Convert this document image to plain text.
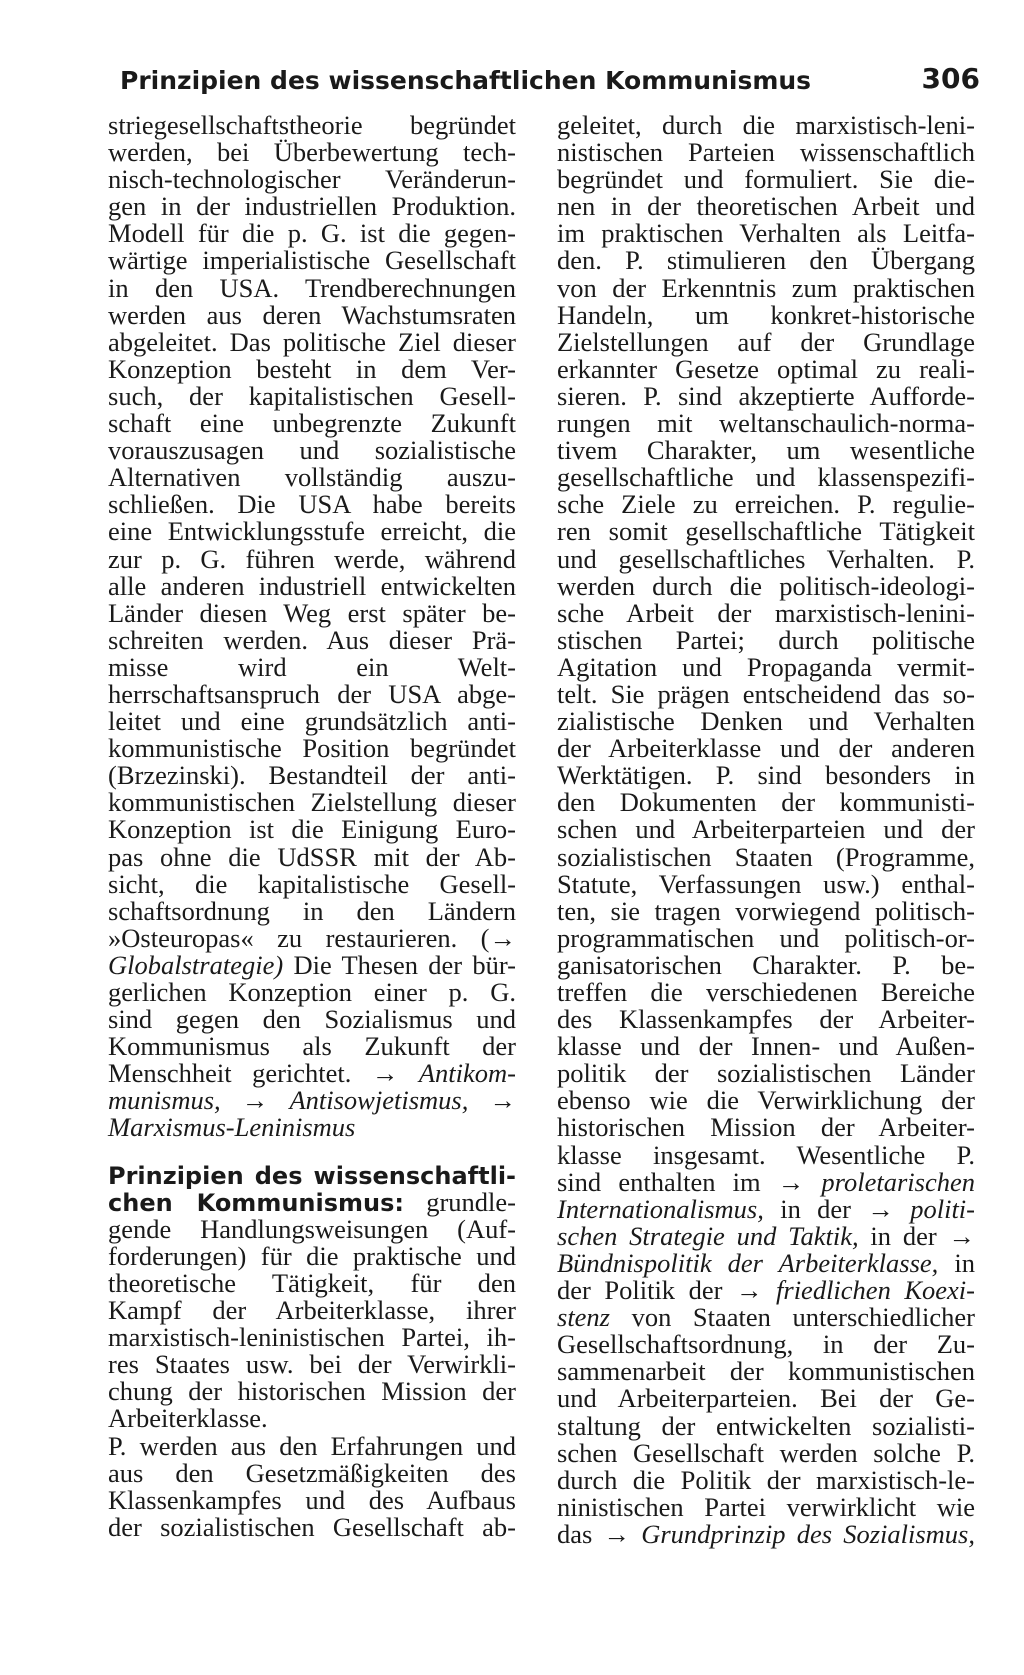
Prinzipien des wissenschaftlichen Kommunismus	306
striegesellschaftstheorie begründet
werden, bei Überbewertung tech-
nisch-technologischer Veränderun-
gen in der industriellen Produktion.
Modell für die p. G. ist die gegen-
wärtige imperialistische Gesellschaft
in den USA. Trendberechnungen
werden aus deren Wachstumsraten
abgeleitet. Das politische Ziel dieser
Konzeption besteht in dem Ver-
such, der kapitalistischen Gesell-
schaft eine unbegrenzte Zukunft
vorauszusagen und sozialistische
Alternativen vollständig auszu-
schließen. Die USA habe bereits
eine Entwicklungsstufe erreicht, die
zur p. G. führen werde, während
alle anderen industriell entwickelten
Länder diesen Weg erst später be-
schreiten werden. Aus dieser Prä-
misse wird ein Welt-
herrschaftsanspruch der USA abge-
leitet und eine grundsätzlich anti-
kommunistische Position begründet
(Brzezinski). Bestandteil der anti-
kommunistischen Zielstellung dieser
Konzeption ist die Einigung Euro-
pas ohne die UdSSR mit der Ab-
sicht, die kapitalistische Gesell-
schaftsordnung in den Ländern
»Osteuropas« zu restaurieren. (→
Globalstrategie) Die Thesen der bür-
gerlichen Konzeption einer p. G.
sind gegen den Sozialismus und
Kommunismus als Zukunft der
Menschheit gerichtet. → Antikom-
munismus, → Antisowjetismus, →
Marxismus-Leninismus
Prinzipien des wissenschaftli-
chen Kommunismus: grundle-
gende Handlungsweisungen (Auf-
forderungen) für die praktische und
theoretische Tätigkeit, für den
Kampf der Arbeiterklasse, ihrer
marxistisch-leninistischen Partei, ih-
res Staates usw. bei der Verwirkli-
chung der historischen Mission der
Arbeiterklasse.
P. werden aus den Erfahrungen und
aus den Gesetzmäßigkeiten des
Klassenkampfes und des Aufbaus
der sozialistischen Gesellschaft ab-
geleitet, durch die marxistisch-leni-
nistischen Parteien wissenschaftlich
begründet und formuliert. Sie die-
nen in der theoretischen Arbeit und
im praktischen Verhalten als Leitfa-
den. P. stimulieren den Übergang
von der Erkenntnis zum praktischen
Handeln, um konkret-historische
Zielstellungen auf der Grundlage
erkannter Gesetze optimal zu reali-
sieren. P. sind akzeptierte Aufforde-
rungen mit weltanschaulich-norma-
tivem Charakter, um wesentliche
gesellschaftliche und klassenspezifi-
sche Ziele zu erreichen. P. regulie-
ren somit gesellschaftliche Tätigkeit
und gesellschaftliches Verhalten. P.
werden durch die politisch-ideologi-
sche Arbeit der marxistisch-lenini-
stischen Partei; durch politische
Agitation und Propaganda vermit-
telt. Sie prägen entscheidend das so-
zialistische Denken und Verhalten
der Arbeiterklasse und der anderen
Werktätigen. P. sind besonders in
den Dokumenten der kommunisti-
schen und Arbeiterparteien und der
sozialistischen Staaten (Programme,
Statute, Verfassungen usw.) enthal-
ten, sie tragen vorwiegend politisch-
programmatischen und politisch-or-
ganisatorischen Charakter. P. be-
treffen die verschiedenen Bereiche
des Klassenkampfes der Arbeiter-
klasse und der Innen- und Außen-
politik der sozialistischen Länder
ebenso wie die Verwirklichung der
historischen Mission der Arbeiter-
klasse insgesamt. Wesentliche P.
sind enthalten im → proletarischen
Internationalismus, in der → politi-
schen Strategie und Taktik, in der →
Bündnispolitik der Arbeiterklasse, in
der Politik der → friedlichen Koexi-
stenz von Staaten unterschiedlicher
Gesellschaftsordnung, in der Zu-
sammenarbeit der kommunistischen
und Arbeiterparteien. Bei der Ge-
staltung der entwickelten sozialisti-
schen Gesellschaft werden solche P.
durch die Politik der marxistisch-le-
ninistischen Partei verwirklicht wie
das → Grundprinzip des Sozialismus,
